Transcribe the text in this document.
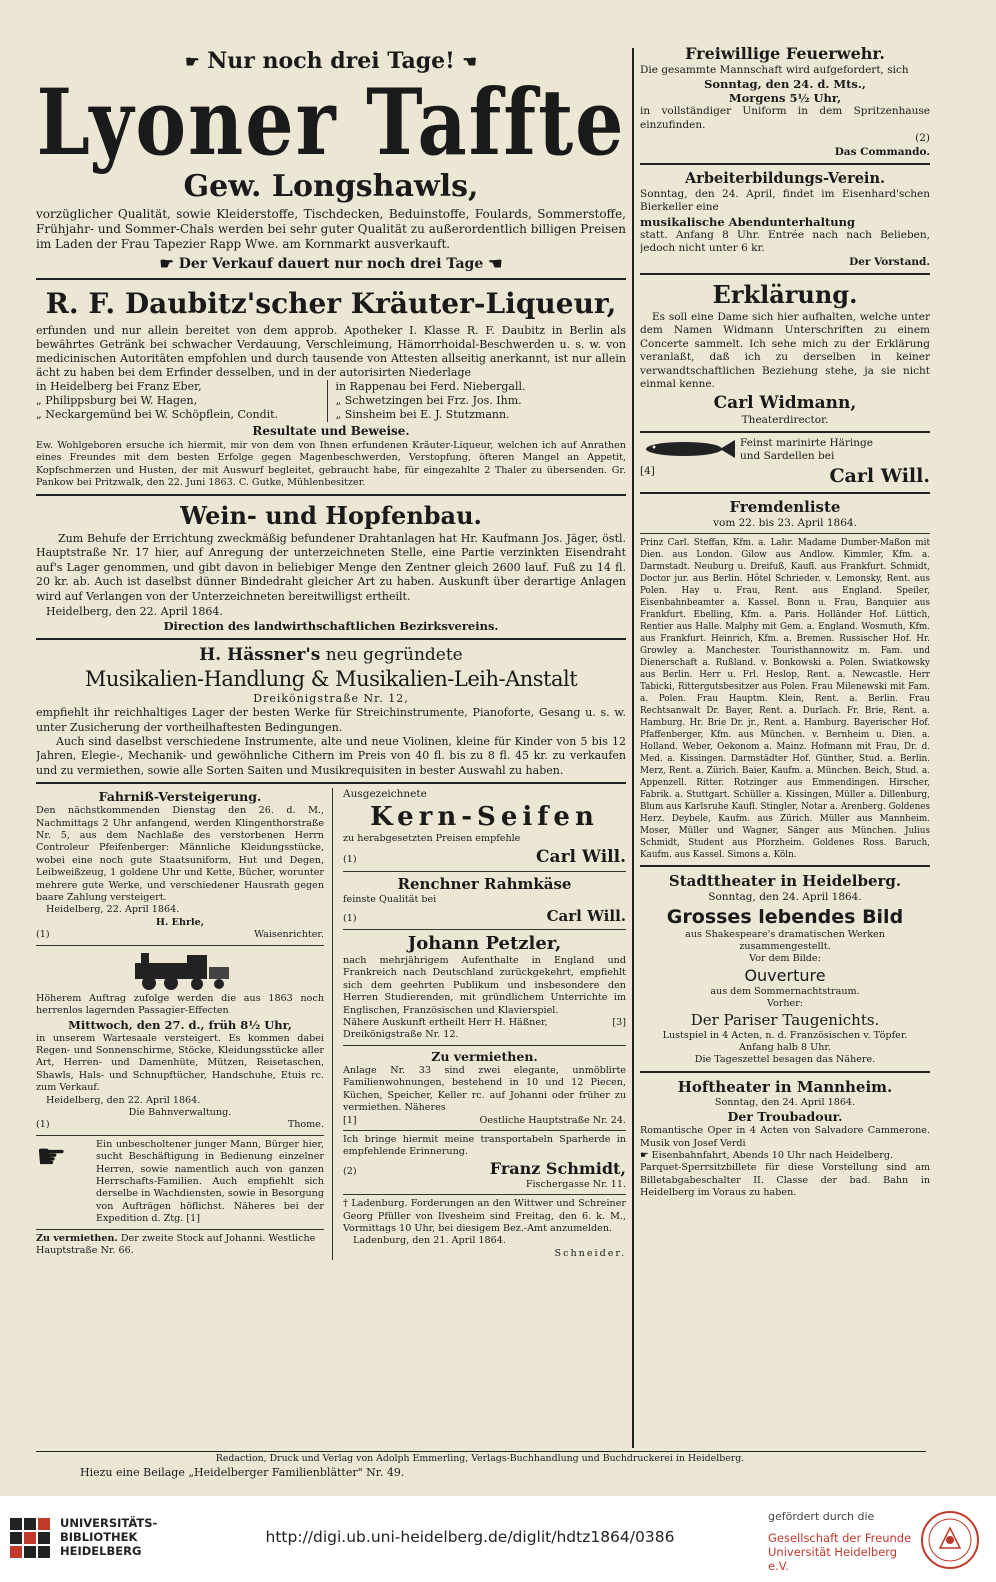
☛ Nur noch drei Tage! ☚

Lyoner Taffte

Gew. Longshawls,

vorzüglicher Qualität, sowie Kleiderstoffe, Tischdecken, Beduinstoffe, Foulards, Sommerstoffe, Frühjahr- und Sommer-Chals werden bei sehr guter Qualität zu außerordentlich billigen Preisen im Laden der Frau Tapezier Rapp Wwe. am Kornmarkt ausverkauft.

☛ Der Verkauf dauert nur noch drei Tage ☚

R. F. Daubitz'scher Kräuter-Liqueur,

erfunden und nur allein bereitet von dem approb. Apotheker I. Klasse R. F. Daubitz in Berlin als bewährtes Getränk bei schwacher Verdauung, Verschleimung, Hämorrhoidal-Beschwerden u. s. w. von medicinischen Autoritäten empfohlen und durch tausende von Attesten allseitig anerkannt, ist nur allein ächt zu haben bei dem Erfinder desselben, und in der autorisirten Niederlage

in Heidelberg bei Franz Eber,

„ Philippsburg bei W. Hagen,

„ Neckargemünd bei W. Schöpflein, Condit.

in Rappenau bei Ferd. Niebergall.

„ Schwetzingen bei Frz. Jos. Ihm.

„ Sinsheim bei E. J. Stutzmann.

Resultate und Beweise.

Ew. Wohlgeboren ersuche ich hiermit, mir von dem von Ihnen erfundenen Kräuter-Liqueur, welchen ich auf Anrathen eines Freundes mit dem besten Erfolge gegen Magenbeschwerden, Verstopfung, öfteren Mangel an Appetit, Kopfschmerzen und Husten, der mit Auswurf begleitet, gebraucht habe, für eingezahlte 2 Thaler zu übersenden. Gr. Pankow bei Pritzwalk, den 22. Juni 1863. C. Gutke, Mühlenbesitzer.

Wein- und Hopfenbau.

Zum Behufe der Errichtung zweckmäßig befundener Drahtanlagen hat Hr. Kaufmann Jos. Jäger, östl. Hauptstraße Nr. 17 hier, auf Anregung der unterzeichneten Stelle, eine Partie verzinkten Eisendraht auf's Lager genommen, und gibt davon in beliebiger Menge den Zentner gleich 2600 lauf. Fuß zu 14 fl. 20 kr. ab. Auch ist daselbst dünner Bindedraht gleicher Art zu haben. Auskunft über derartige Anlagen wird auf Verlangen von der Unterzeichneten bereitwilligst ertheilt.

Heidelberg, den 22. April 1864.

Direction des landwirthschaftlichen Bezirksvereins.

H. Hässner's neu gegründete

Musikalien-Handlung & Musikalien-Leih-Anstalt

Dreikönigstraße Nr. 12,

empfiehlt ihr reichhaltiges Lager der besten Werke für Streichinstrumente, Pianoforte, Gesang u. s. w. unter Zusicherung der vortheilhaftesten Bedingungen.

Auch sind daselbst verschiedene Instrumente, alte und neue Violinen, kleine für Kinder von 5 bis 12 Jahren, Elegie-, Mechanik- und gewöhnliche Cithern im Preis von 40 fl. bis zu 8 fl. 45 kr. zu verkaufen und zu vermiethen, sowie alle Sorten Saiten und Musikrequisiten in bester Auswahl zu haben.

Fahrniß-Versteigerung.

Den nächstkommenden Dienstag den 26. d. M., Nachmittags 2 Uhr anfangend, werden Klingenthorstraße Nr. 5, aus dem Nachlaße des verstorbenen Herrn Controleur Pfeifenberger: Männliche Kleidungsstücke, wobei eine noch gute Staatsuniform, Hut und Degen, Leibweißzeug, 1 goldene Uhr und Kette, Bücher, worunter mehrere gute Werke, und verschiedener Hausrath gegen baare Zahlung versteigert.

Heidelberg, 22. April 1864.

H. Ehrle,

(1)	Waisenrichter.

Höherem Auftrag zufolge werden die aus 1863 noch herrenlos lagernden Passagier-Effecten

Mittwoch, den 27. d., früh 8½ Uhr,

in unserem Wartesaale versteigert. Es kommen dabei Regen- und Sonnenschirme, Stöcke, Kleidungsstücke aller Art, Herren- und Damenhüte, Mützen, Reisetaschen, Shawls, Hals- und Schnupftücher, Handschuhe, Etuis rc. zum Verkauf.

Heidelberg, den 22. April 1864.

Die Bahnverwaltung.

(1)	Thome.
☛	Ein unbescholtener junger Mann, Bürger hier, sucht Beschäftigung in Bedienung einzelner Herren, sowie namentlich auch von ganzen Herrschafts-Familien. Auch empfiehlt sich derselbe in Wachdiensten, sowie in Besorgung von Aufträgen höflichst. Näheres bei der Expedition d. Ztg. [1]

Zu vermiethen. Der zweite Stock auf Johanni. Westliche Hauptstraße Nr. 66.

Ausgezeichnete

Kern-Seifen

zu herabgesetzten Preisen empfehle

(1)	Carl Will.

Renchner Rahmkäse

feinste Qualität bei

(1)	Carl Will.

Johann Petzler,

nach mehrjährigem Aufenthalte in England und Frankreich nach Deutschland zurückgekehrt, empfiehlt sich dem geehrten Publikum und insbesondere den Herren Studierenden, mit gründlichem Unterrichte im Englischen, Französischen und Klavierspiel.

Nähere Auskunft ertheilt Herr H. Häßner, Dreikönigstraße Nr. 12.
[3]

Zu vermiethen.

Anlage Nr. 33 sind zwei elegante, unmöblirte Familienwohnungen, bestehend in 10 und 12 Piecen, Küchen, Speicher, Keller rc. auf Johanni oder früher zu vermiethen. Näheres

[1]	Oestliche Hauptstraße Nr. 24.

Ich bringe hiermit meine transportabeln Sparherde in empfehlende Erinnerung.

(2)	Franz Schmidt,

Fischergasse Nr. 11.

† Ladenburg. Forderungen an den Wittwer und Schreiner Georg Pfüller von Ilvesheim sind Freitag, den 6. k. M., Vormittags 10 Uhr, bei diesigem Bez.-Amt anzumelden.

Ladenburg, den 21. April 1864.

Schneider.

Freiwillige Feuerwehr.

Die gesammte Mannschaft wird aufgefordert, sich

Sonntag, den 24. d. Mts.,

Morgens 5½ Uhr,

in vollständiger Uniform in dem Spritzenhause einzufinden.

(2)

Das Commando.

Arbeiterbildungs-Verein.

Sonntag, den 24. April, findet im Eisenhard'schen Bierkeller eine

musikalische Abendunterhaltung

statt. Anfang 8 Uhr. Entrée nach nach Belieben, jedoch nicht unter 6 kr.

Der Vorstand.

Erklärung.

Es soll eine Dame sich hier aufhalten, welche unter dem Namen Widmann Unterschriften zu einem Concerte sammelt. Ich sehe mich zu der Erklärung veranlaßt, daß ich zu derselben in keiner verwandtschaftlichen Beziehung stehe, ja sie nicht einmal kenne.

Carl Widmann,

Theaterdirector.

[4]

Feinst marinirte Häringe

und Sardellen bei

Carl Will.

Fremdenliste

vom 22. bis 23. April 1864.

Prinz Carl. Steffan, Kfm. a. Lahr. Madame Dumber-Maßon mit Dien. aus London. Gilow aus Andlow. Kimmler, Kfm. a. Darmstadt. Neuburg u. Dreifuß, Kaufl. aus Frankfurt. Schmidt, Doctor jur. aus Berlin. Hôtel Schrieder. v. Lemonsky, Rent. aus Polen. Hay u. Frau, Rent. aus England. Speiler, Eisenbahnbeamter a. Kassel. Bonn u. Frau, Banquier aus Frankfurt. Ebelling, Kfm. a. Paris. Holländer Hof. Lüttich, Rentier aus Halle. Malphy mit Gem. a. England. Wosmuth, Kfm. aus Frankfurt. Heinrich, Kfm. a. Bremen. Russischer Hof. Hr. Growley a. Manchester. Touristhannowitz m. Fam. und Dienerschaft a. Rußland. v. Bonkowski a. Polen. Swiatkowsky aus Berlin. Herr u. Frl. Heslop, Rent. a. Newcastle. Herr Tabicki, Rittergutsbesitzer aus Polen. Frau Milenewski mit Fam. a. Polen. Frau Hauptm. Klein, Rent. a. Berlin. Frau Rechtsanwalt Dr. Bayer, Rent. a. Durlach. Fr. Brie, Rent. a. Hamburg. Hr. Brie Dr. jr., Rent. a. Hamburg. Bayerischer Hof. Pfaffenberger, Kfm. aus München. v. Bernheim u. Dien. a. Holland. Weber, Oekonom a. Mainz. Hofmann mit Frau, Dr. d. Med. a. Kissingen. Darmstädter Hof. Günther, Stud. a. Berlin. Merz, Rent. a. Zürich. Baier, Kaufm. a. München. Beich, Stud. a. Appenzell. Ritter. Rotzinger aus Emmendingen. Hirscher, Fabrik. a. Stuttgart. Schüller a. Kissingen, Müller a. Dillenburg, Blum aus Karlsruhe Kaufl. Stingler, Notar a. Arenberg. Goldenes Herz. Deybele, Kaufm. aus Zürich. Müller aus Mannheim. Moser, Müller und Wagner, Sänger aus München. Julius Schmidt, Student aus Pforzheim. Goldenes Ross. Baruch, Kaufm. aus Kassel. Simons a. Köln.

Stadttheater in Heidelberg.

Sonntag, den 24. April 1864.

Grosses lebendes Bild

aus Shakespeare's dramatischen Werken zusammengestellt.

Vor dem Bilde:

Ouverture

aus dem Sommernachtstraum.

Vorher:

Der Pariser Taugenichts.

Lustspiel in 4 Acten, n. d. Französischen v. Töpfer.

Anfang halb 8 Uhr.

Die Tageszettel besagen das Nähere.

Hoftheater in Mannheim.

Sonntag, den 24. April 1864.

Der Troubadour.

Romantische Oper in 4 Acten von Salvadore Cammerone. Musik von Josef Verdi

☛ Eisenbahnfahrt, Abends 10 Uhr nach Heidelberg.

Parquet-Sperrsitzbillete für diese Vorstellung sind am Billetabgabeschalter II. Classe der bad. Bahn in Heidelberg im Voraus zu haben.

Redaction, Druck und Verlag von Adolph Emmerling, Verlags-Buchhandlung und Buchdruckerei in Heidelberg.

Hiezu eine Beilage „Heidelberger Familienblätter" Nr. 49.

UNIVERSITÄTS-
BIBLIOTHEK
HEIDELBERG
http://digi.ub.uni-heidelberg.de/diglit/hdtz1864/0386
gefördert durch die
Gesellschaft der Freunde
Universität Heidelberg e.V.
